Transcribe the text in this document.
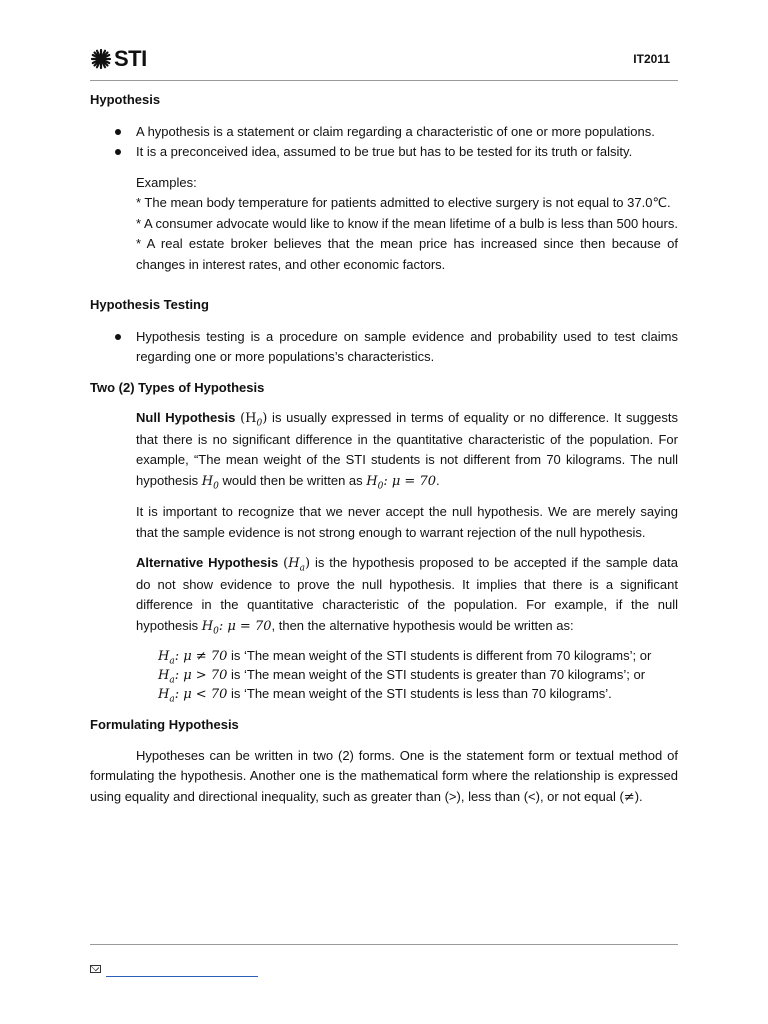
STI	IT2011

Hypothesis

A hypothesis is a statement or claim regarding a characteristic of one or more populations.
It is a preconceived idea, assumed to be true but has to be tested for its truth or falsity.

Examples:

* The mean body temperature for patients admitted to elective surgery is not equal to 37.0℃.

* A consumer advocate would like to know if the mean lifetime of a bulb is less than 500 hours.

* A real estate broker believes that the mean price has increased since then because of changes in interest rates, and other economic factors.

Hypothesis Testing

Hypothesis testing is a procedure on sample evidence and probability used to test claims regarding one or more populations’s characteristics.

Two (2) Types of Hypothesis

Null Hypothesis $(H_0)$ is usually expressed in terms of equality or no difference. It suggests that there is no significant difference in the quantitative characteristic of the population. For example, “The mean weight of the STI students is not different from 70 kilograms. The null hypothesis $H_0$ would then be written as $H_0$: μ = 70.

It is important to recognize that we never accept the null hypothesis. We are merely saying that the sample evidence is not strong enough to warrant rejection of the null hypothesis.

Alternative Hypothesis $(H_a)$ is the hypothesis proposed to be accepted if the sample data do not show evidence to prove the null hypothesis. It implies that there is a significant difference in the quantitative characteristic of the population. For example, if the null hypothesis $H_0$: μ = 70, then the alternative hypothesis would be written as:

$H_a$: μ ≠ 70 is ‘The mean weight of the STI students is different from 70 kilograms’; or

$H_a$: μ > 70 is ‘The mean weight of the STI students is greater than 70 kilograms’; or

$H_a$: μ < 70 is ‘The mean weight of the STI students is less than 70 kilograms’.

Formulating Hypothesis

Hypotheses can be written in two (2) forms. One is the statement form or textual method of formulating the hypothesis. Another one is the mathematical form where the relationship is expressed using equality and directional inequality, such as greater than (>), less than (<), or not equal (≠).
